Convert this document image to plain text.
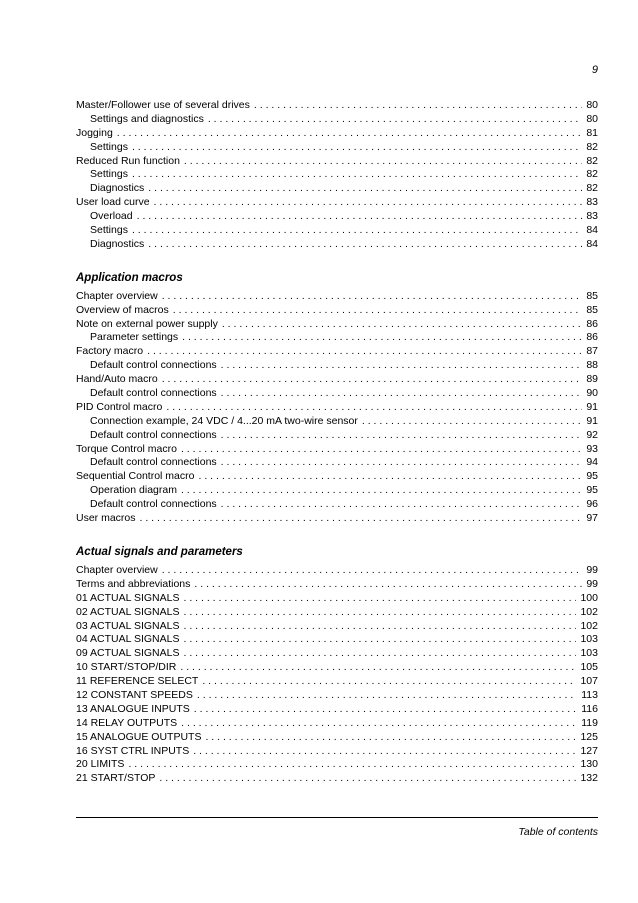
9
Master/Follower use of several drives . . .	80
Settings and diagnostics . . .	80
Jogging . . .	81
Settings . . .	82
Reduced Run function . . .	82
Settings . . .	82
Diagnostics . . .	82
User load curve . . .	83
Overload . . .	83
Settings . . .	84
Diagnostics . . .	84
Application macros
Chapter overview . . .	85
Overview of macros . . .	85
Note on external power supply . . .	86
Parameter settings . . .	86
Factory macro . . .	87
Default control connections . . .	88
Hand/Auto macro . . .	89
Default control connections . . .	90
PID Control macro . . .	91
Connection example, 24 VDC / 4...20 mA two-wire sensor . . .	91
Default control connections . . .	92
Torque Control macro . . .	93
Default control connections . . .	94
Sequential Control macro . . .	95
Operation diagram . . .	95
Default control connections . . .	96
User macros . . .	97
Actual signals and parameters
Chapter overview . . .	99
Terms and abbreviations . . .	99
01 ACTUAL SIGNALS . . .	100
02 ACTUAL SIGNALS . . .	102
03 ACTUAL SIGNALS . . .	102
04 ACTUAL SIGNALS . . .	103
09 ACTUAL SIGNALS . . .	103
10 START/STOP/DIR . . .	105
11 REFERENCE SELECT . . .	107
12 CONSTANT SPEEDS . . .	113
13 ANALOGUE INPUTS . . .	116
14 RELAY OUTPUTS . . .	119
15 ANALOGUE OUTPUTS . . .	125
16 SYST CTRL INPUTS . . .	127
20 LIMITS . . .	130
21 START/STOP . . .	132
Table of contents
